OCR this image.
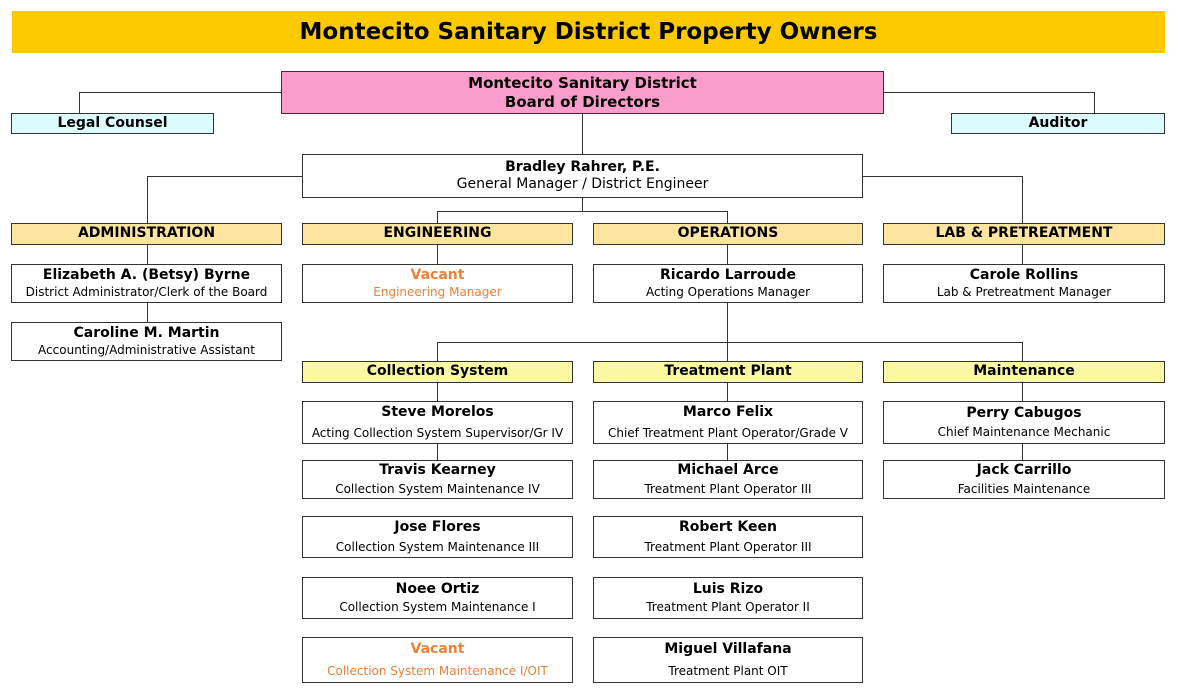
Montecito Sanitary District Property Owners
Montecito Sanitary District
Board of Directors
Legal Counsel	Auditor
Bradley Rahrer, P.E.
General Manager / District Engineer
ADMINISTRATION	ENGINEERING	OPERATIONS	LAB & PRETREATMENT
Elizabeth A. (Betsy) Byrne
District Administrator/Clerk of the Board
Vacant
Engineering Manager
Ricardo Larroude
Acting Operations Manager
Carole Rollins
Lab & Pretreatment Manager
Caroline M. Martin
Accounting/Administrative Assistant
Collection System	Treatment Plant	Maintenance
Steve Morelos
Acting Collection System Supervisor/Gr IV
Travis Kearney
Collection System Maintenance IV
Jose Flores
Collection System Maintenance III
Noee Ortiz
Collection System Maintenance I
Vacant
Collection System Maintenance I/OIT
Marco Felix
Chief Treatment Plant Operator/Grade V
Michael Arce
Treatment Plant Operator III
Robert Keen
Treatment Plant Operator III
Luis Rizo
Treatment Plant Operator II
Miguel Villafana
Treatment Plant OIT
Perry Cabugos
Chief Maintenance Mechanic
Jack Carrillo
Facilities Maintenance
